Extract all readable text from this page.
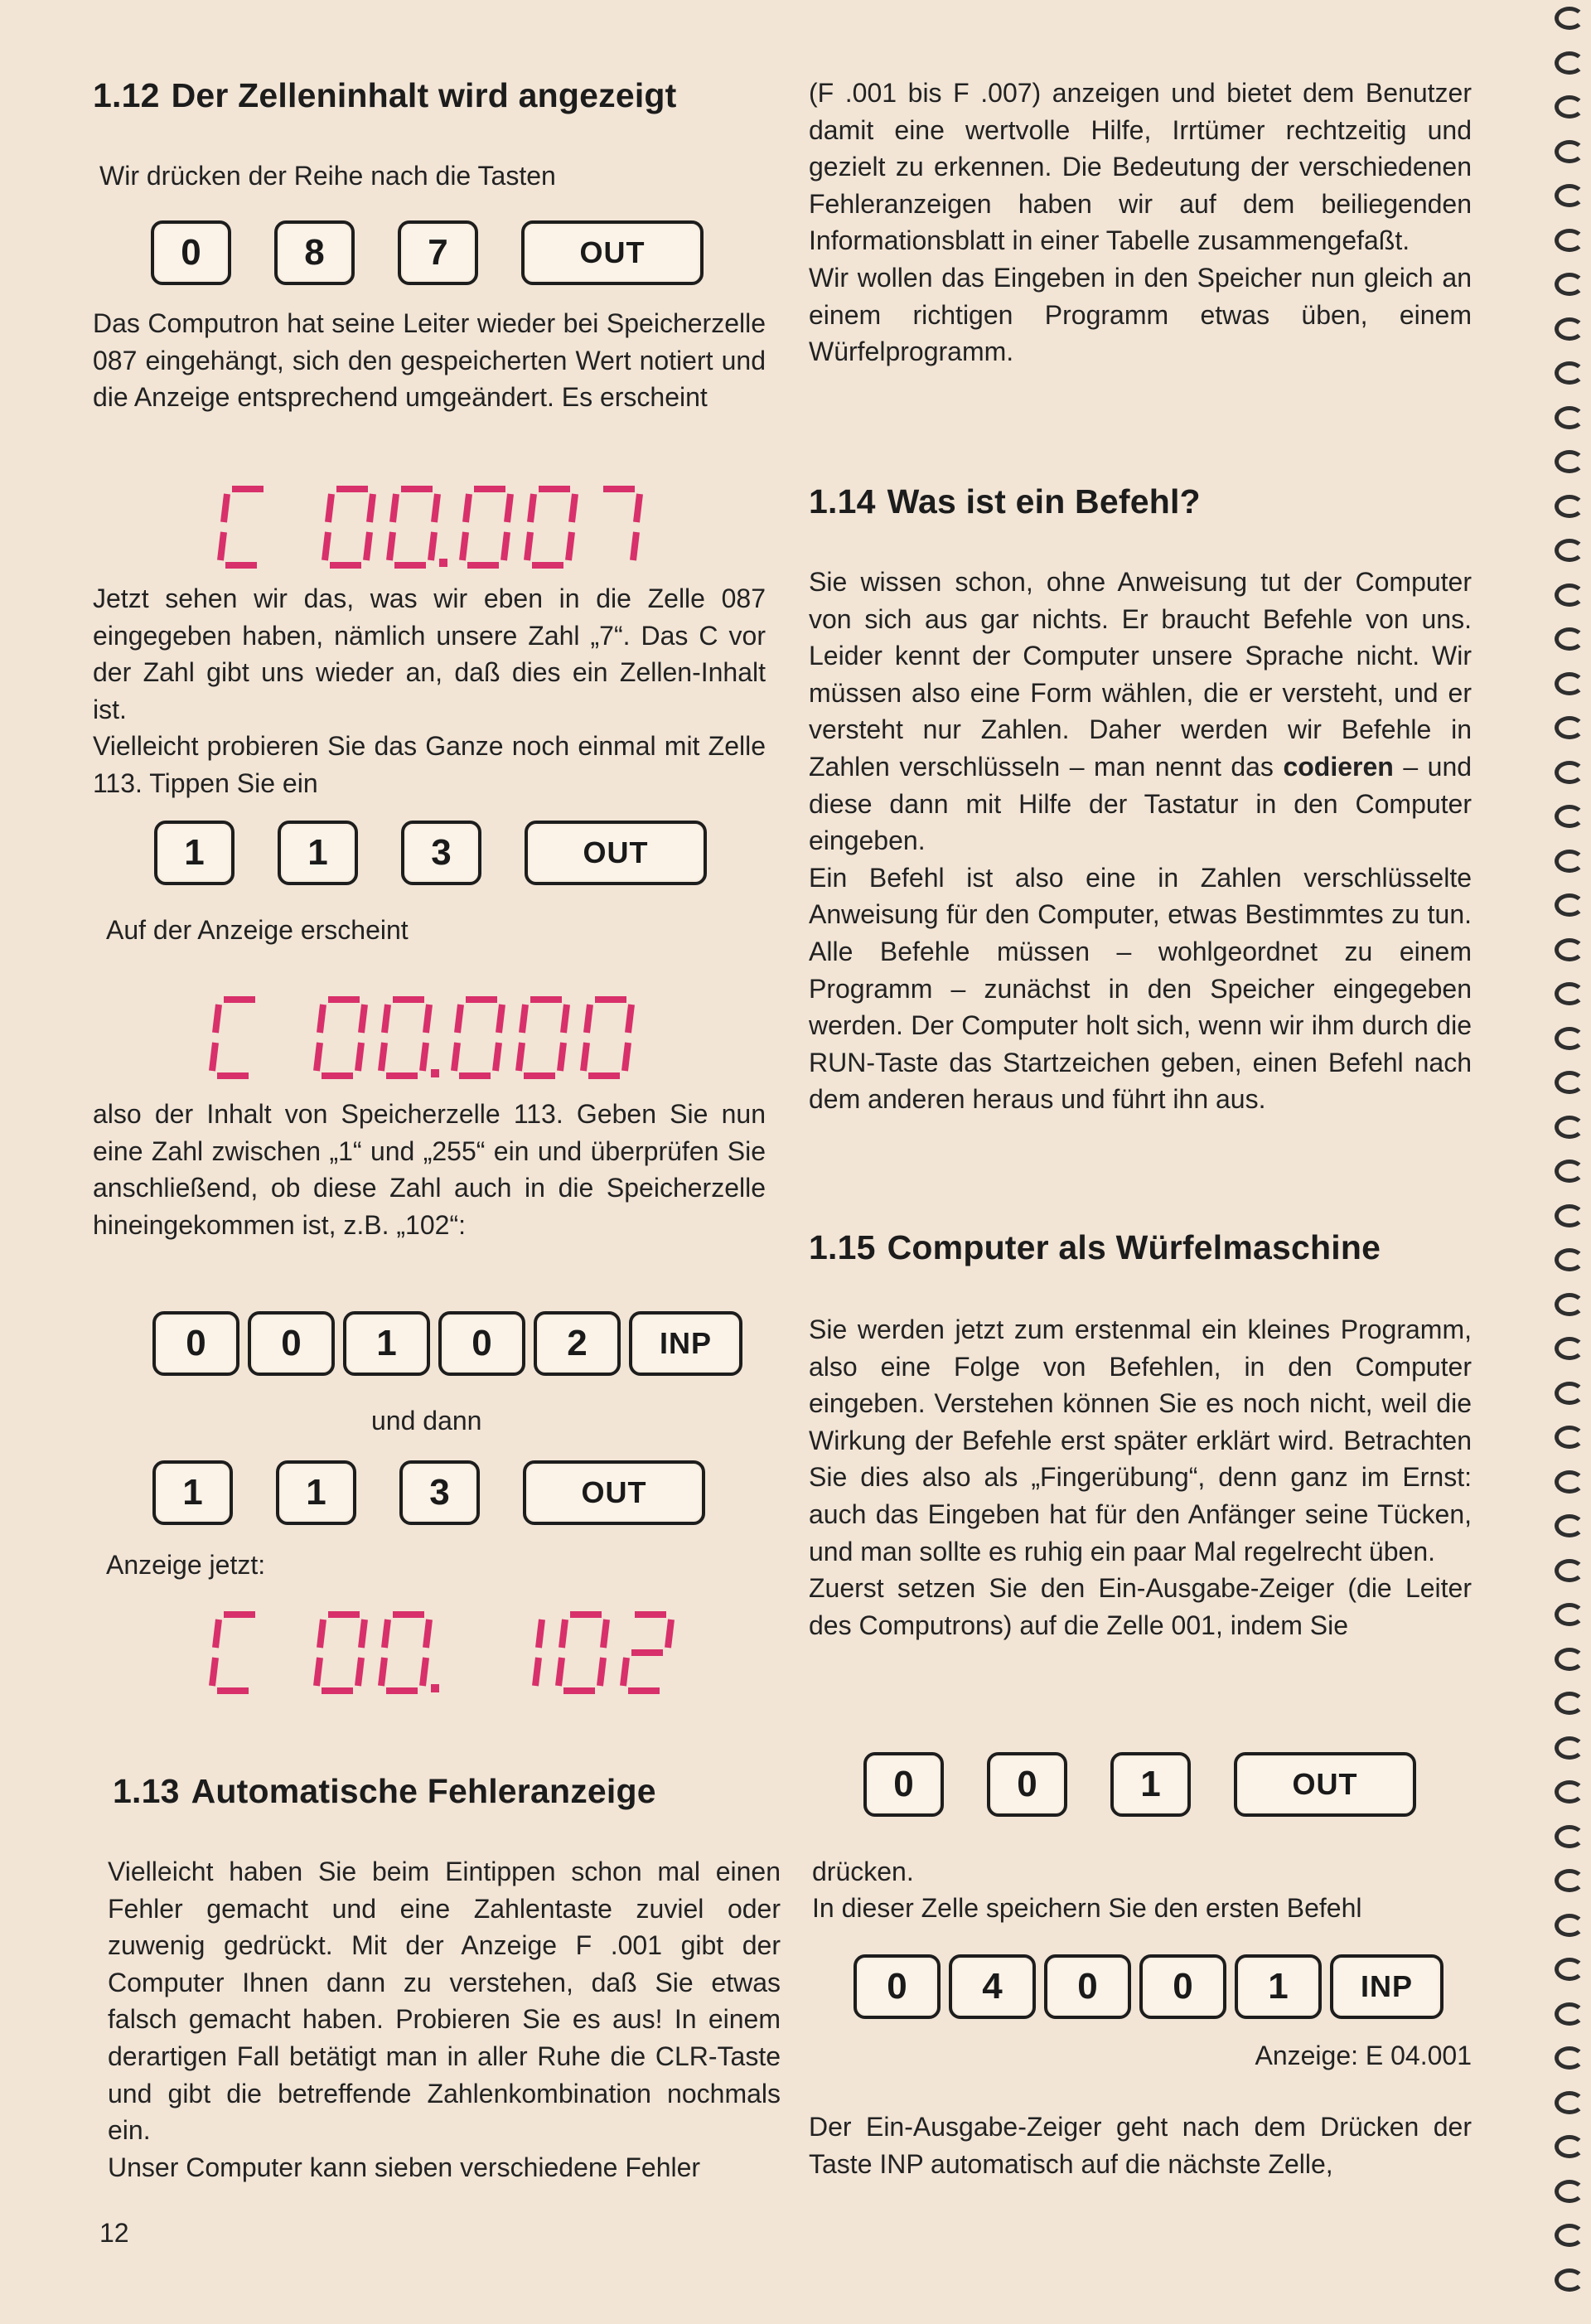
1.12 Der Zelleninhalt wird angezeigt

Wir drücken der Reihe nach die Tasten

0	8	7	OUT

Das Computron hat seine Leiter wieder bei Speicherzelle 087 eingehängt, sich den gespeicherten Wert notiert und die Anzeige entsprechend umgeändert. Es erscheint

Jetzt sehen wir das, was wir eben in die Zelle 087 eingegeben haben, nämlich unsere Zahl „7“. Das C vor der Zahl gibt uns wieder an, daß dies ein Zellen-Inhalt ist.

Vielleicht probieren Sie das Ganze noch einmal mit Zelle 113. Tippen Sie ein

1	1	3	OUT

Auf der Anzeige erscheint

also der Inhalt von Speicherzelle 113. Geben Sie nun eine Zahl zwischen „1“ und „255“ ein und überprüfen Sie anschließend, ob diese Zahl auch in die Speicherzelle hineingekommen ist, z.B. „102“:

0	0	1	0	2	INP

und dann

1	1	3	OUT

Anzeige jetzt:

1.13 Automatische Fehleranzeige

Vielleicht haben Sie beim Eintippen schon mal einen Fehler gemacht und eine Zahlentaste zuviel oder zuwenig gedrückt. Mit der Anzeige F .001 gibt der Computer Ihnen dann zu verstehen, daß Sie etwas falsch gemacht haben. Probieren Sie es aus! In einem derartigen Fall betätigt man in aller Ruhe die CLR-Taste und gibt die betreffende Zahlenkombination nochmals ein.

Unser Computer kann sieben verschiedene Fehler

(F .001 bis F .007) anzeigen und bietet dem Benutzer damit eine wertvolle Hilfe, Irrtümer rechtzeitig und gezielt zu erkennen. Die Bedeutung der verschiedenen Fehleranzeigen haben wir auf dem beiliegenden Informationsblatt in einer Tabelle zusammengefaßt.

Wir wollen das Eingeben in den Speicher nun gleich an einem richtigen Programm etwas üben, einem Würfelprogramm.

1.14 Was ist ein Befehl?

Sie wissen schon, ohne Anweisung tut der Computer von sich aus gar nichts. Er braucht Befehle von uns. Leider kennt der Computer unsere Sprache nicht. Wir müssen also eine Form wählen, die er versteht, und er versteht nur Zahlen. Daher werden wir Befehle in Zahlen verschlüsseln – man nennt das codieren – und diese dann mit Hilfe der Tastatur in den Computer eingeben.

Ein Befehl ist also eine in Zahlen verschlüsselte Anweisung für den Computer, etwas Bestimmtes zu tun. Alle Befehle müssen – wohlgeordnet zu einem Programm – zunächst in den Speicher eingegeben werden. Der Computer holt sich, wenn wir ihm durch die RUN-Taste das Startzeichen geben, einen Befehl nach dem anderen heraus und führt ihn aus.

1.15 Computer als Würfelmaschine

Sie werden jetzt zum erstenmal ein kleines Programm, also eine Folge von Befehlen, in den Computer eingeben. Verstehen können Sie es noch nicht, weil die Wirkung der Befehle erst später erklärt wird. Betrachten Sie dies also als „Fingerübung“, denn ganz im Ernst: auch das Eingeben hat für den Anfänger seine Tücken, und man sollte es ruhig ein paar Mal regelrecht üben.

Zuerst setzen Sie den Ein-Ausgabe-Zeiger (die Leiter des Computrons) auf die Zelle 001, indem Sie

0	0	1	OUT

drücken.

In dieser Zelle speichern Sie den ersten Befehl

0	4	0	0	1	INP

Anzeige: E 04.001

Der Ein-Ausgabe-Zeiger geht nach dem Drücken der Taste INP automatisch auf die nächste Zelle,

12
